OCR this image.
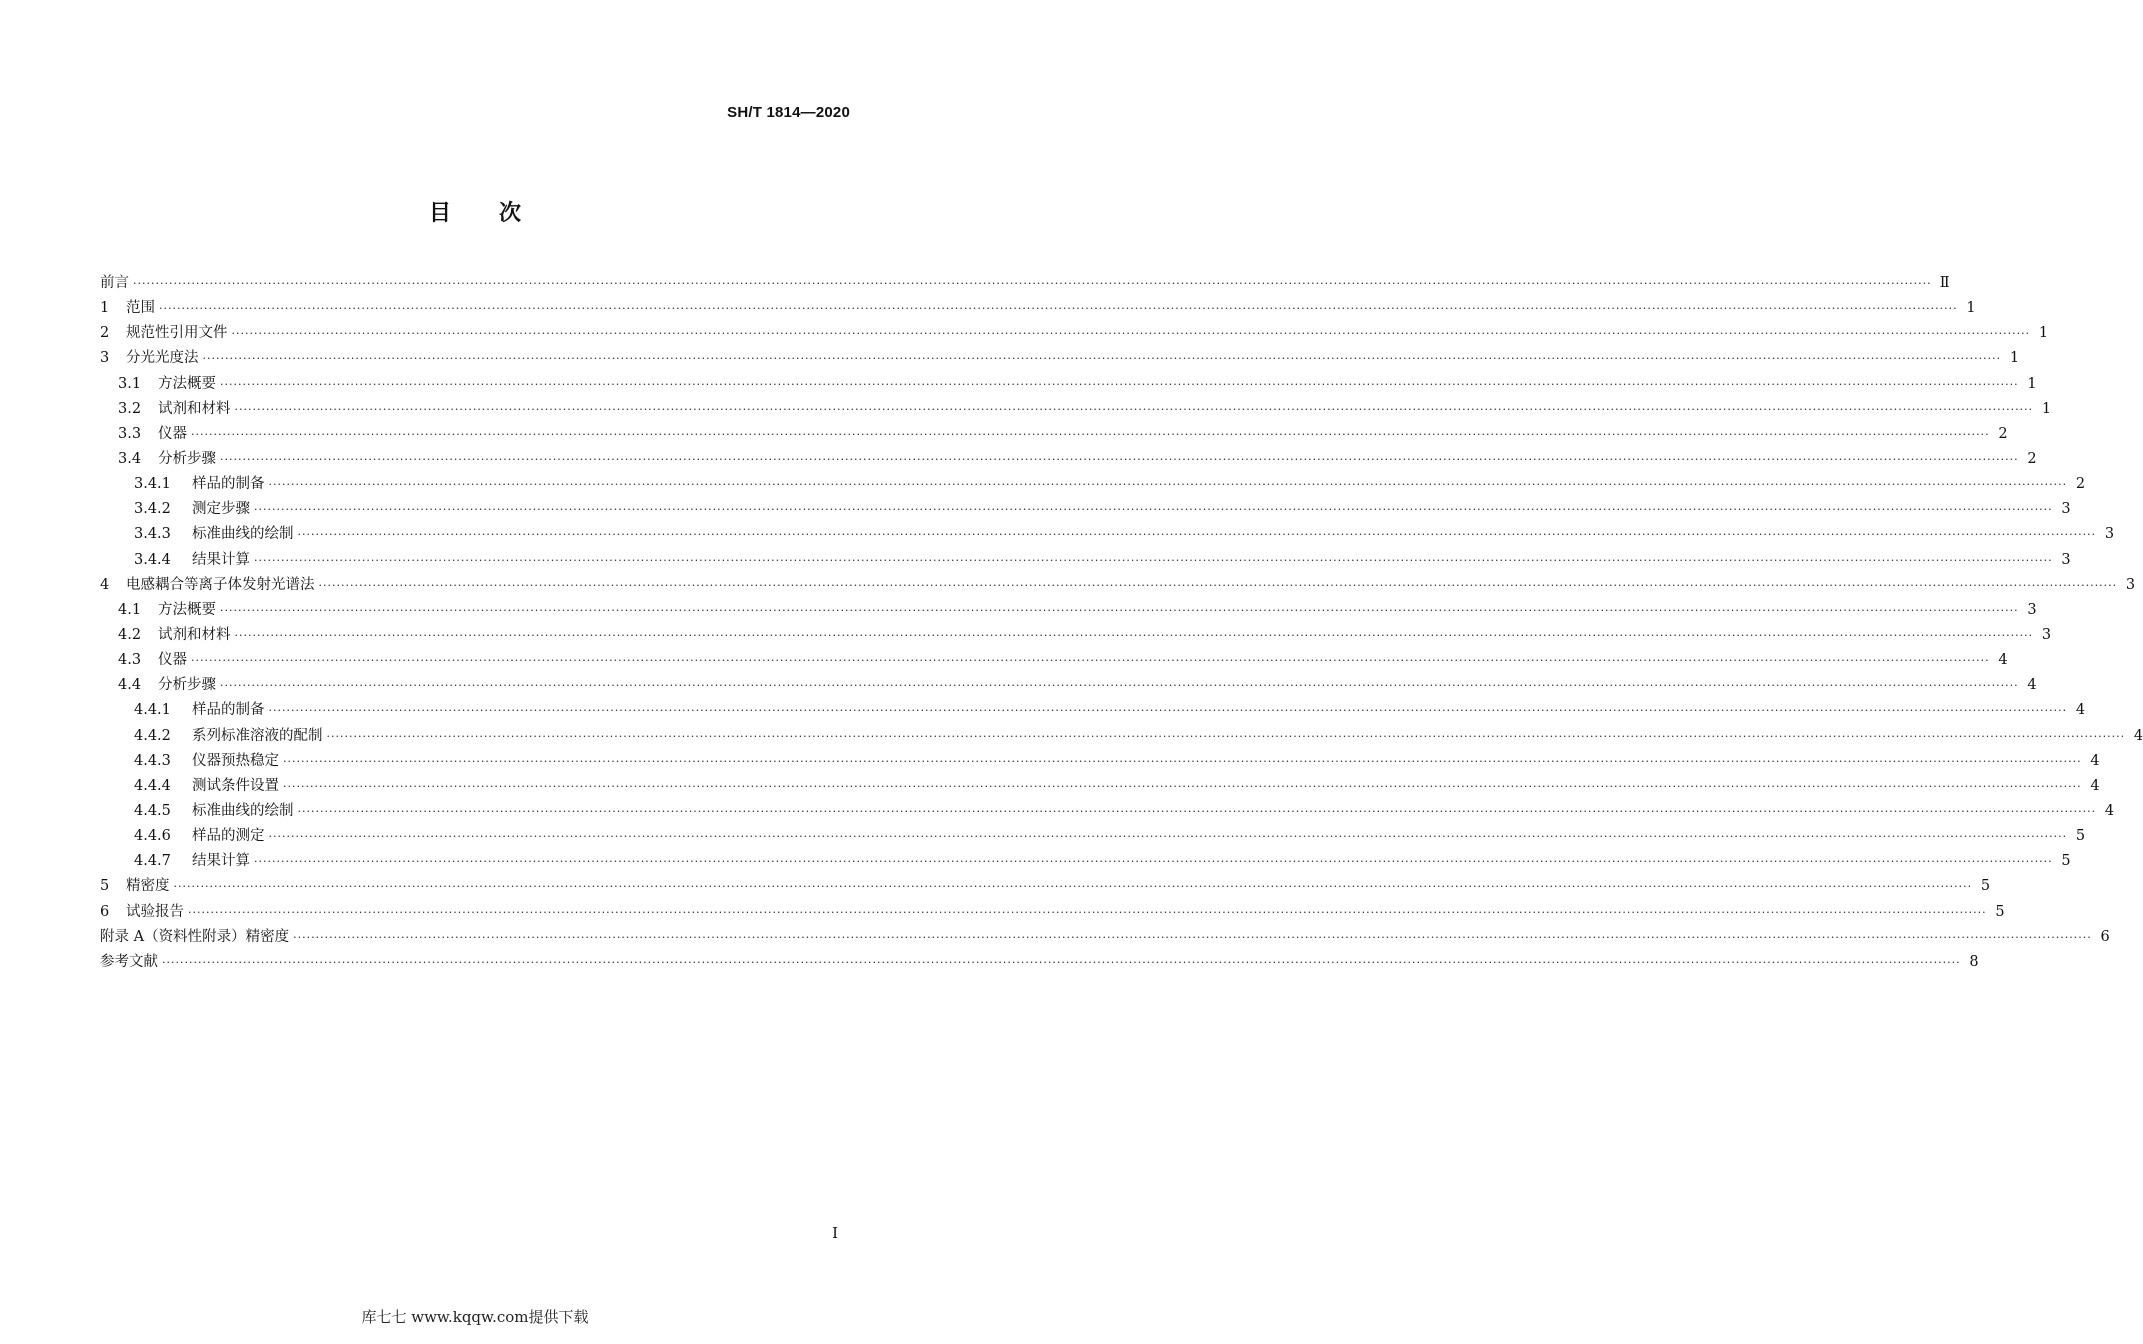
SH/T 1814—2020
目次
前言 ················································································································································································································································································································································································································ Ⅱ
1	范围 ················································································································································································································································································································································································································ 1
2	规范性引用文件 ················································································································································································································································································································································································································ 1
3	分光光度法 ················································································································································································································································································································································································································ 1
3.1	方法概要 ················································································································································································································································································································································································································ 1
3.2	试剂和材料 ················································································································································································································································································································································································································ 1
3.3	仪器 ················································································································································································································································································································································································································ 2
3.4	分析步骤 ················································································································································································································································································································································································································ 2
3.4.1	样品的制备 ················································································································································································································································································································································································································ 2
3.4.2	测定步骤 ················································································································································································································································································································································································································ 3
3.4.3	标准曲线的绘制 ················································································································································································································································································································································································································ 3
3.4.4	结果计算 ················································································································································································································································································································································································································ 3
4	电感耦合等离子体发射光谱法 ················································································································································································································································································································································································································ 3
4.1	方法概要 ················································································································································································································································································································································································································ 3
4.2	试剂和材料 ················································································································································································································································································································································································································ 3
4.3	仪器 ················································································································································································································································································································································································································ 4
4.4	分析步骤 ················································································································································································································································································································································································································ 4
4.4.1	样品的制备 ················································································································································································································································································································································································································ 4
4.4.2	系列标准溶液的配制 ················································································································································································································································································································································································································ 4
4.4.3	仪器预热稳定 ················································································································································································································································································································································································································ 4
4.4.4	测试条件设置 ················································································································································································································································································································································································································ 4
4.4.5	标准曲线的绘制 ················································································································································································································································································································································································································ 4
4.4.6	样品的测定 ················································································································································································································································································································································································································ 5
4.4.7	结果计算 ················································································································································································································································································································································································································ 5
5	精密度 ················································································································································································································································································································································································································ 5
6	试验报告 ················································································································································································································································································································································································································ 5
附录 A（资料性附录）精密度 ················································································································································································································································································································································································································ 6
参考文献 ················································································································································································································································································································································································································ 8
Ⅰ
库七七 www.kqqw.com提供下载
